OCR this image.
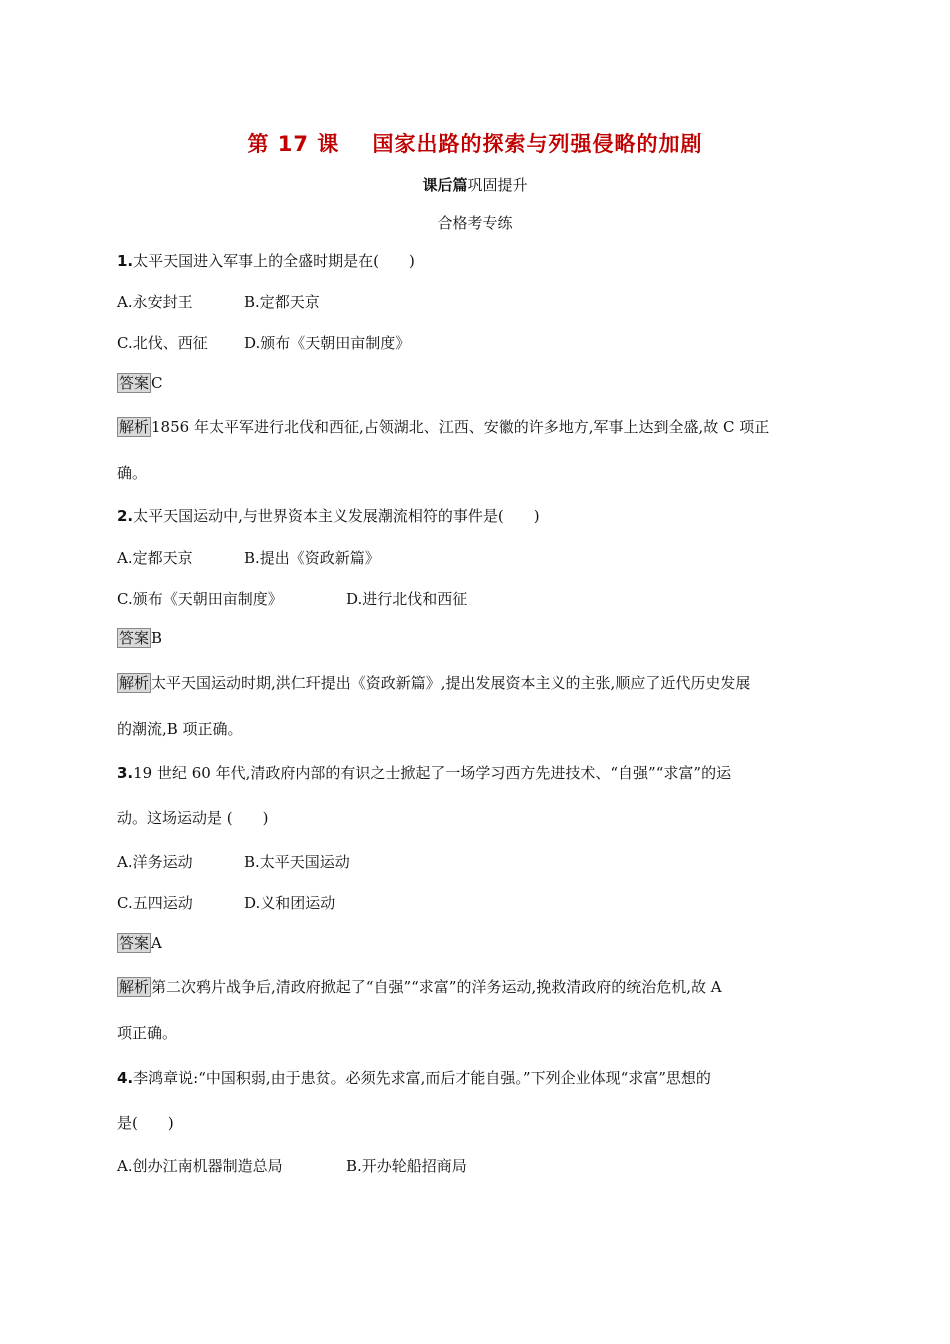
第 17 课    国家出路的探索与列强侵略的加剧
课后篇巩固提升
合格考专练
1.太平天国进入军事上的全盛时期是在(　　)
A.永安封王	B.定都天京
C.北伐、西征 D.颁布《天朝田亩制度》
答案 C
解析 1856 年太平军进行北伐和西征,占领湖北、江西、安徽的许多地方,军事上达到全盛,故 C 项正
确。
2.太平天国运动中,与世界资本主义发展潮流相符的事件是(　　)
A.定都天京	B.提出《资政新篇》
C.颁布《天朝田亩制度》	D.进行北伐和西征
答案 B
解析 太平天国运动时期,洪仁玕提出《资政新篇》,提出发展资本主义的主张,顺应了近代历史发展
的潮流,B 项正确。
3.19 世纪 60 年代,清政府内部的有识之士掀起了一场学习西方先进技术、“自强”“求富”的运
动。这场运动是 (　　)
A.洋务运动	B.太平天国运动
C.五四运动	D.义和团运动
答案 A
解析 第二次鸦片战争后,清政府掀起了“自强”“求富”的洋务运动,挽救清政府的统治危机,故 A
项正确。
4.李鸿章说:“中国积弱,由于患贫。必须先求富,而后才能自强。”下列企业体现“求富”思想的
是(　　)
A.创办江南机器制造总局	B.开办轮船招商局
